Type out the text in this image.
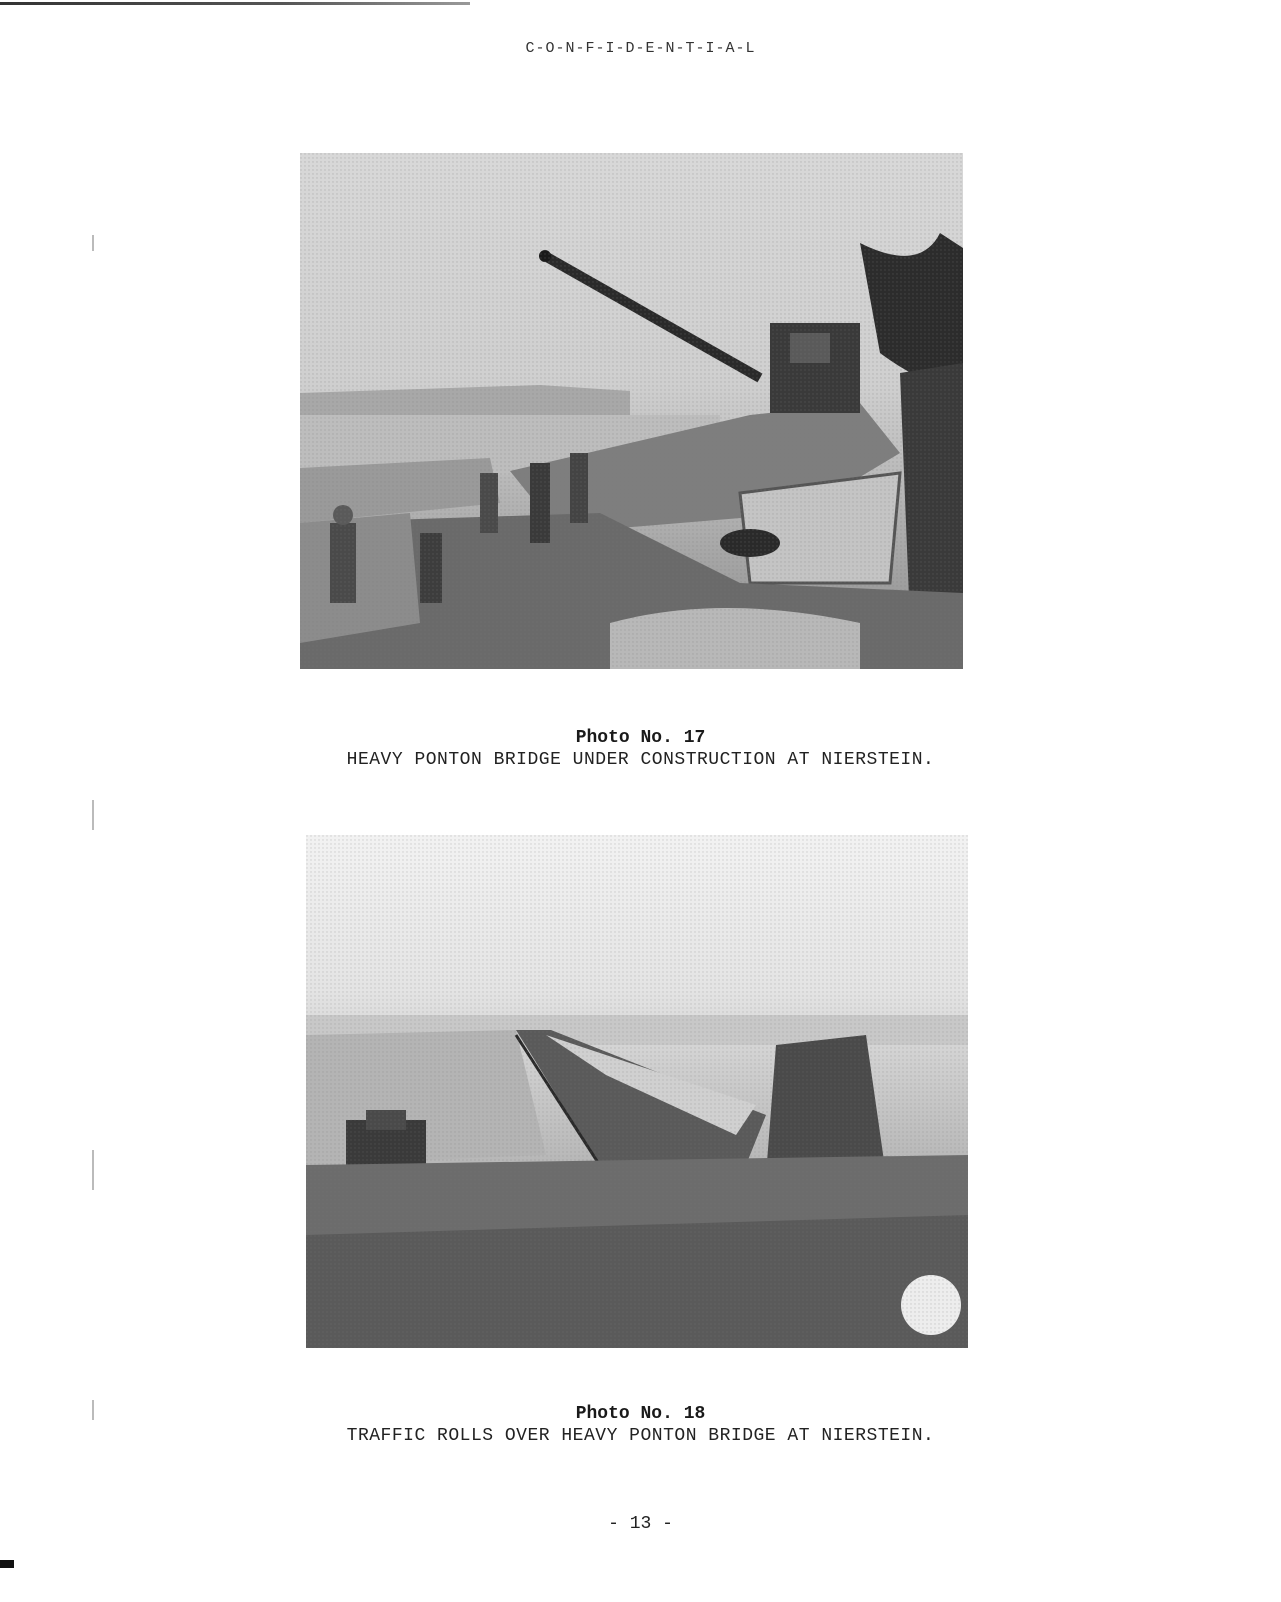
C-O-N-F-I-D-E-N-T-I-A-L
Photo No. 17
HEAVY PONTON BRIDGE UNDER CONSTRUCTION AT NIERSTEIN.
Photo No. 18
TRAFFIC ROLLS OVER HEAVY PONTON BRIDGE AT NIERSTEIN.
- 13 -
